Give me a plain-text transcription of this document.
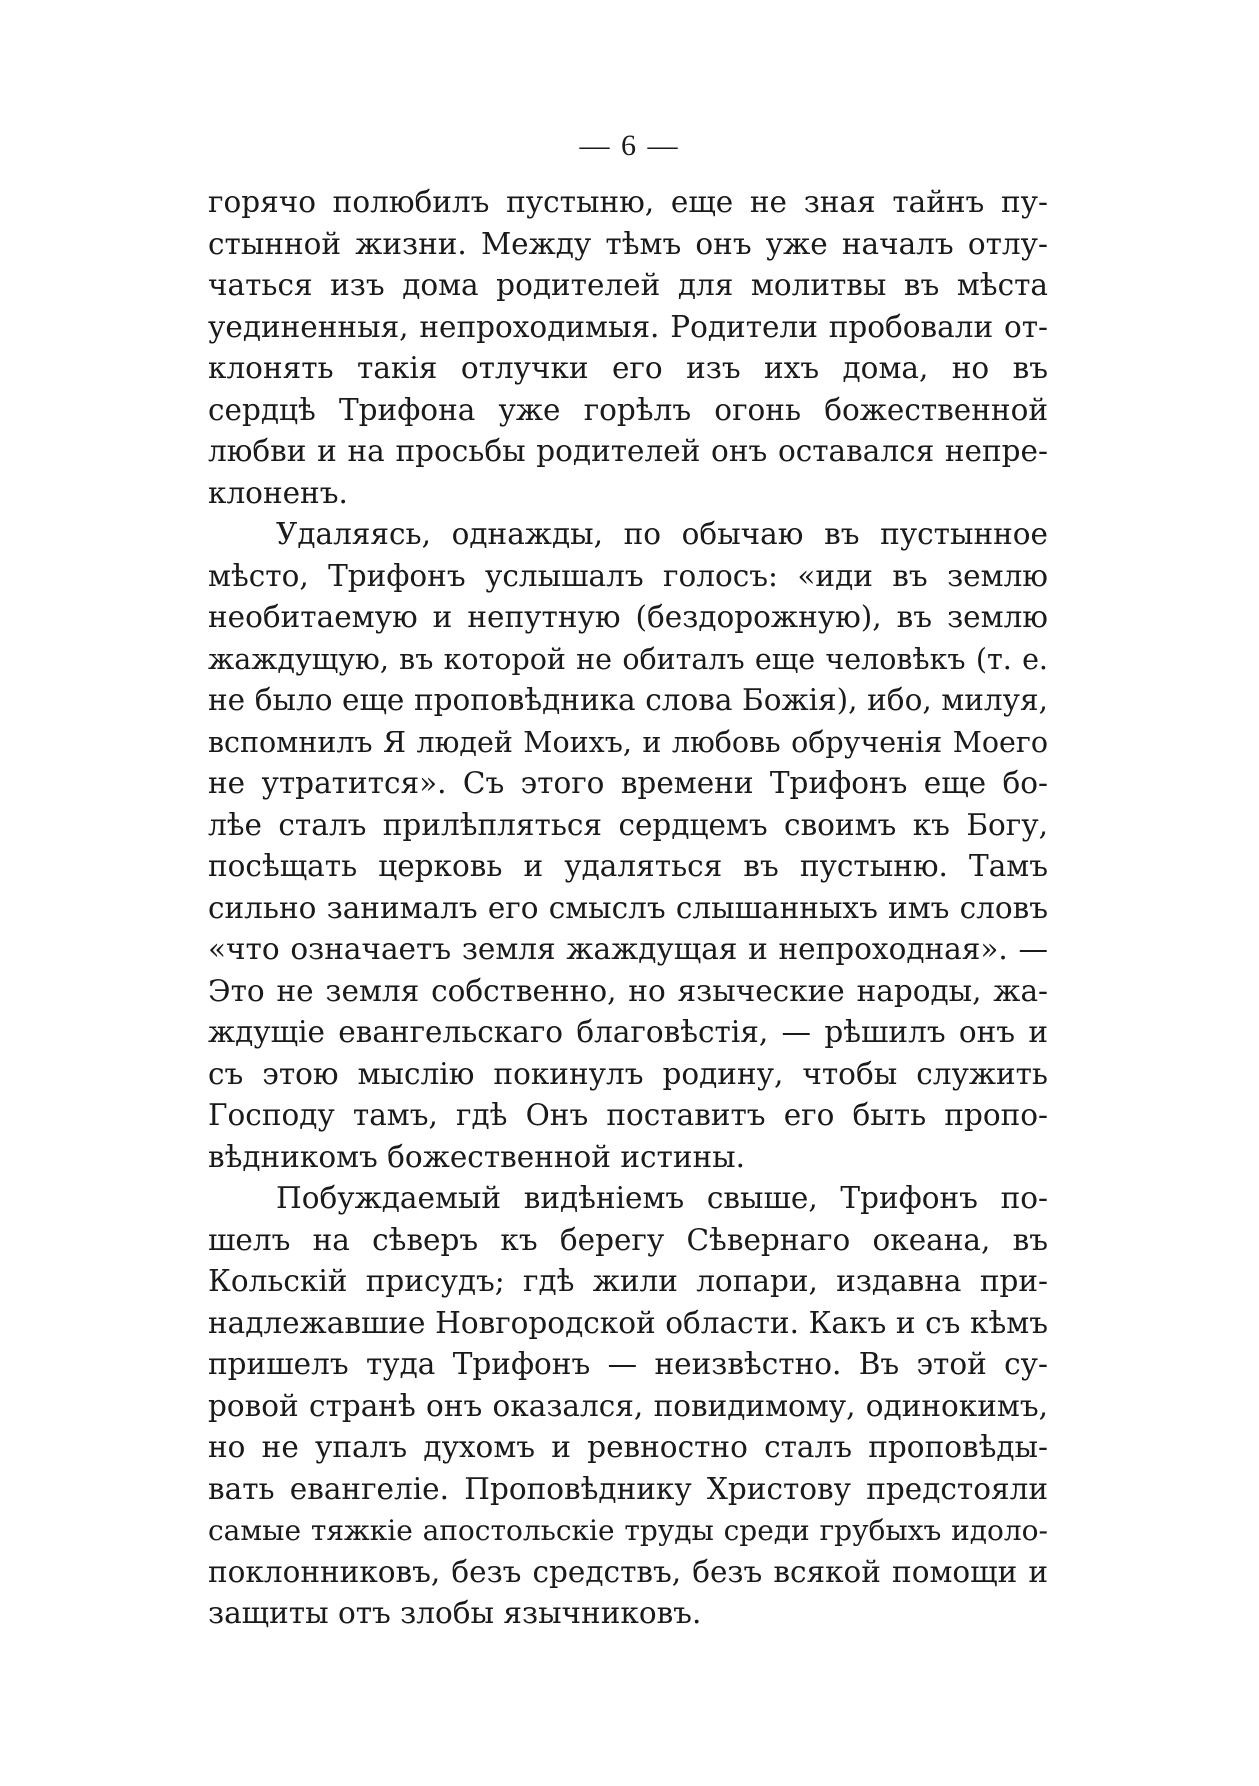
— 6 —
горячо полюбилъ пустыню, еще не зная тайнъ пу-
стынной жизни. Между тѣмъ онъ уже началъ отлу-
чаться изъ дома родителей для молитвы въ мѣста
уединенныя, непроходимыя. Родители пробовали от-
клонять такія отлучки его изъ ихъ дома, но въ
сердцѣ Трифона уже горѣлъ огонь божественной
любви и на просьбы родителей онъ оставался непре-
клоненъ.
Удаляясь, однажды, по обычаю въ пустынное
мѣсто, Трифонъ услышалъ голосъ: «иди въ землю
необитаемую и непутную (бездорожную), въ землю
жаждущую, въ которой не обиталъ еще человѣкъ (т. е.
не было еще проповѣдника слова Божія), ибо, милуя,
вспомнилъ Я людей Моихъ, и любовь обрученія Моего
не утратится». Съ этого времени Трифонъ еще бо-
лѣе сталъ прилѣпляться сердцемъ своимъ къ Богу,
посѣщать церковь и удаляться въ пустыню. Тамъ
сильно занималъ его смыслъ слышанныхъ имъ словъ
«что означаетъ земля жаждущая и непроходная». —
Это не земля собственно, но языческие народы, жа-
ждущіе евангельскаго благовѣстія, — рѣшилъ онъ и
съ этою мыслію покинулъ родину, чтобы служить
Господу тамъ, гдѣ Онъ поставитъ его быть пропо-
вѣдникомъ божественной истины.
Побуждаемый видѣніемъ свыше, Трифонъ по-
шелъ на сѣверъ къ берегу Сѣвернаго океана, въ
Кольскій присудъ; гдѣ жили лопари, издавна при-
надлежавшие Новгородской области. Какъ и съ кѣмъ
пришелъ туда Трифонъ — неизвѣстно. Въ этой су-
ровой странѣ онъ оказался, повидимому, одинокимъ,
но не упалъ духомъ и ревностно сталъ проповѣды-
вать евангеліе. Проповѣднику Христову предстояли
самые тяжкіе апостольскіе труды среди грубыхъ идоло-
поклонниковъ, безъ средствъ, безъ всякой помощи и
защиты отъ злобы язычниковъ.
